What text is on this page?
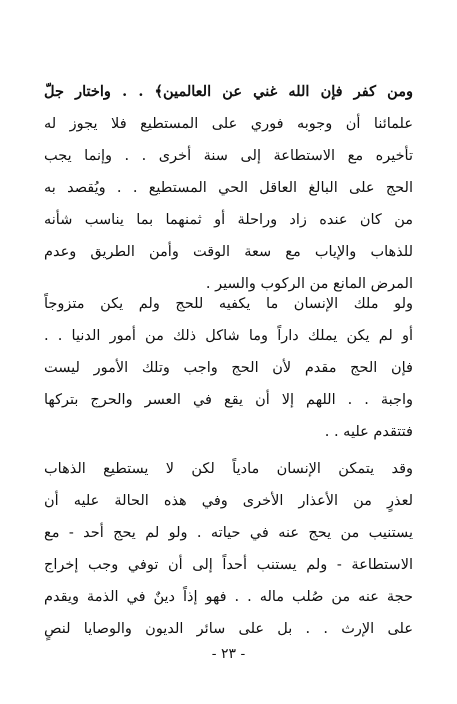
ومن كفر فإن الله غني عن العالمين﴾ . . واختار جلّ
علمائنا أن وجوبه فوري على المستطيع فلا يجوز له
تأخيره مع الاستطاعة إلى سنة أخرى . . وإنما يجب
الحج على البالغ العاقل الحي المستطيع . . ويُقصد به
من كان عنده زاد وراحلة أو ثمنهما بما يناسب شأنه
للذهاب والإياب مع سعة الوقت وأمن الطريق وعدم
المرض المانع من الركوب والسير .
ولو ملك الإنسان ما يكفيه للحج ولم يكن متزوجاً
أو لم يكن يملك داراً وما شاكل ذلك من أمور الدنيا . .
فإن الحج مقدم لأن الحج واجب وتلك الأمور ليست
واجبة . . اللهم إلا أن يقع في العسر والحرج بتركها
فتتقدم عليه . .
وقد يتمكن الإنسان مادياً لكن لا يستطيع الذهاب
لعذرٍ من الأعذار الأخرى وفي هذه الحالة عليه أن
يستنيب من يحج عنه في حياته . ولو لم يحج أحد - مع
الاستطاعة - ولم يستنب أحداً إلى أن توفي وجب إخراج
حجة عنه من صُلب ماله . . فهو إذاً دينٌ في الذمة ويقدم
على الإرث . . بل على سائر الديون والوصايا لنصٍ
- ٢٣ -
